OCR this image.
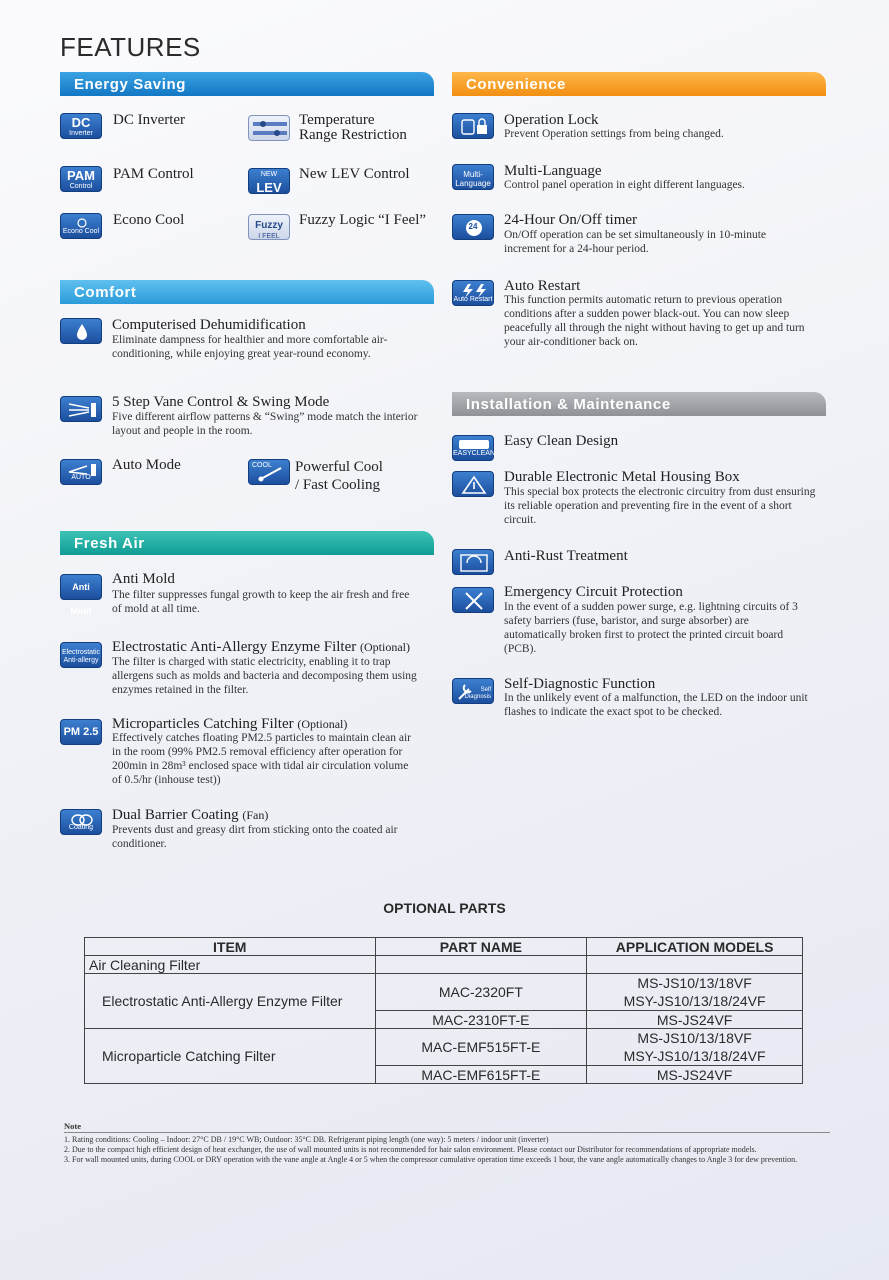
FEATURES
Energy Saving
DC
Inverter
DC Inverter	Temperature
Range Restriction
PAM
Control
PAM Control	NEW
LEV
New LEV Control
Econo Cool
Econo Cool	Fuzzy
I FEEL
Fuzzy Logic “I Feel”
Comfort
Computerised Dehumidification
Eliminate dampness for healthier and more comfortable air-conditioning, while enjoying great year-round economy.
5 Step Vane Control & Swing Mode
Five different airflow patterns & “Swing” mode match the interior layout and people in the room.
AUTO
Auto Mode	COOL Powerful Cool
/ Fast Cooling
Fresh Air
Anti Mold
Anti Mold
The filter suppresses fungal growth to keep the air fresh and free of mold at all time.
Electrostatic
Anti-allergy
Electrostatic Anti-Allergy Enzyme Filter (Optional)
The filter is charged with static electricity, enabling it to trap allergens such as molds and bacteria and decomposing them using enzymes retained in the filter.
PM 2.5 Microparticles Catching Filter (Optional)
Effectively catches floating PM2.5 particles to maintain clean air in the room (99% PM2.5 removal efficiency after operation for 200min in 28m³ enclosed space with tidal air circulation volume of 0.5/hr (inhouse test))
Coating
Dual Barrier Coating (Fan)
Prevents dust and greasy dirt from sticking onto the coated air conditioner.
Convenience
Operation Lock
Prevent Operation settings from being changed.
Multi-
Language
Multi-Language
Control panel operation in eight different languages.
24	24-Hour On/Off timer
On/Off operation can be set simultaneously in 10-minute increment for a 24-hour period.
Auto Restart
Auto Restart
This function permits automatic return to previous operation conditions after a sudden power black-out. You can now sleep peacefully all through the night without having to get up and turn your air-conditioner back on.
Installation & Maintenance
EASYCLEAN
Easy Clean Design
Durable Electronic Metal Housing Box
This special box protects the electronic circuitry from dust ensuring its reliable operation and preventing fire in the event of a short circuit.
Anti-Rust Treatment
Emergency Circuit Protection
In the event of a sudden power surge, e.g. lightning circuits of 3 safety barriers (fuse, baristor, and surge absorber) are automatically broken first to protect the printed circuit board (PCB).
Self
Diagnosis
Self-Diagnostic Function
In the unlikely event of a malfunction, the LED on the indoor unit flashes to indicate the exact spot to be checked.
OPTIONAL PARTS
ITEM	PART NAME	APPLICATION MODELS
Air Cleaning Filter		
Electrostatic Anti-Allergy Enzyme Filter	MAC-2320FT	MS-JS10/13/18VF
MSY-JS10/13/18/24VF

	MAC-2310FT-E	MS-JS24VF
Microparticle Catching Filter	MAC-EMF515FT-E	MS-JS10/13/18VF
MSY-JS10/13/18/24VF

	MAC-EMF615FT-E	MS-JS24VF
Note
1. Rating conditions: Cooling – Indoor: 27°C DB / 19°C WB; Outdoor: 35°C DB. Refrigerant piping length (one way): 5 meters / indoor unit (inverter)
2. Due to the compact high efficient design of heat exchanger, the use of wall mounted units is not recommended for hair salon environment. Please contact our Distributor for recommendations of appropriate models.
3. For wall mounted units, during COOL or DRY operation with the vane angle at Angle 4 or 5 when the compressor cumulative operation time exceeds 1 hour, the vane angle automatically changes to Angle 3 for dew prevention.
